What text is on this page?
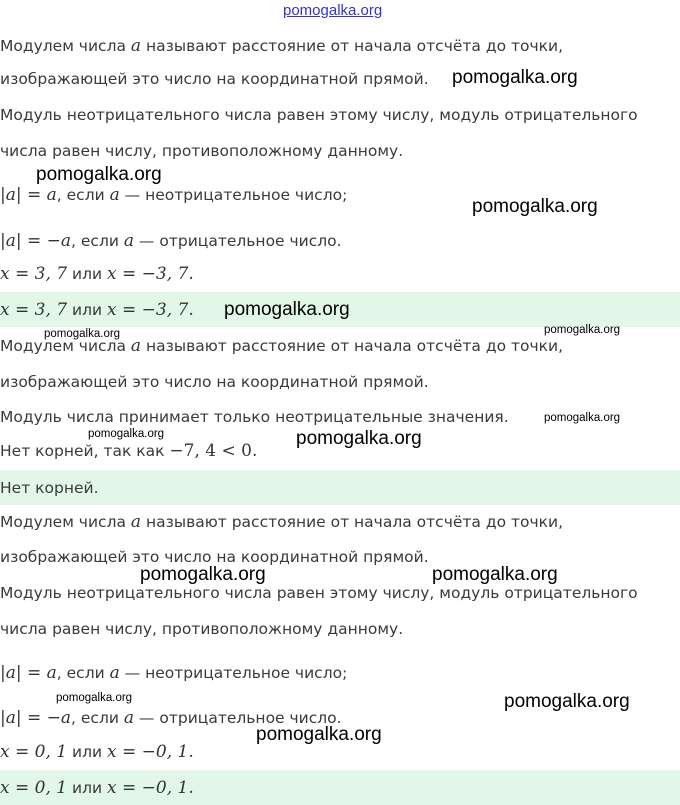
pomogalka.org
Модулем числа a называют расстояние от начала отсчёта до точки,
изображающей это число на координатной прямой.
Модуль неотрицательного числа равен этому числу, модуль отрицательного
числа равен числу, противоположному данному.
|a| = a, если a — неотрицательное число;
|a| = −a, если a — отрицательное число.
x = 3, 7 или x = −3, 7.
x = 3, 7 или x = −3, 7.
Модулем числа a называют расстояние от начала отсчёта до точки,
изображающей это число на координатной прямой.
Модуль числа принимает только неотрицательные значения.
Нет корней, так как −7, 4 < 0.
Нет корней.
Модулем числа a называют расстояние от начала отсчёта до точки,
изображающей это число на координатной прямой.
Модуль неотрицательного числа равен этому числу, модуль отрицательного
числа равен числу, противоположному данному.
|a| = a, если a — неотрицательное число;
|a| = −a, если a — отрицательное число.
x = 0, 1 или x = −0, 1.
x = 0, 1 или x = −0, 1.
pomogalka.org
pomogalka.org
pomogalka.org
pomogalka.org
pomogalka.org	pomogalka.org
pomogalka.org
pomogalka.org	pomogalka.org
pomogalka.org	pomogalka.org
pomogalka.org	pomogalka.org
pomogalka.org
